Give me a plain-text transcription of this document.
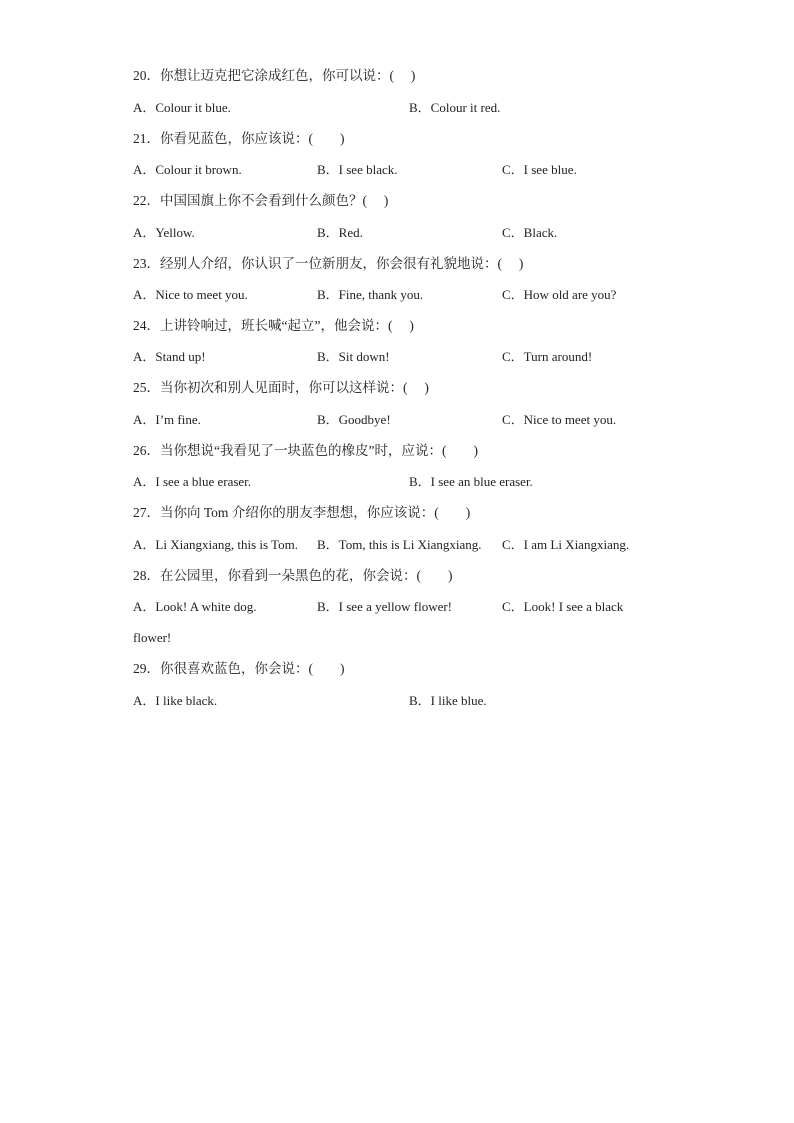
20．你想让迈克把它涂成红色，你可以说：(　 )
A．Colour it blue.	B．Colour it red.
21．你看见蓝色，你应该说：(　　)
A．Colour it brown.	B．I see black.	C．I see blue.
22．中国国旗上你不会看到什么颜色？(　 )
A．Yellow.	B．Red.	C．Black.
23．经别人介绍，你认识了一位新朋友，你会很有礼貌地说：(　 )
A．Nice to meet you.	B．Fine, thank you.	C．How old are you?
24．上讲铃响过，班长喊“起立”，他会说：(　 )
A．Stand up!	B．Sit down!	C．Turn around!
25．当你初次和别人见面时，你可以这样说：(　 )
A．I’m fine.	B．Goodbye!	C．Nice to meet you.
26．当你想说“我看见了一块蓝色的橡皮”时，应说：(　　)
A．I see a blue eraser.	B．I see an blue eraser.
27．当你向 Tom 介绍你的朋友李想想，你应该说：(　　)
A．Li Xiangxiang, this is Tom. B．Tom, this is Li Xiangxiang. C．I am Li Xiangxiang.
28．在公园里，你看到一朵黑色的花，你会说：(　　)
A．Look! A white dog.	B．I see a yellow flower!	C．Look! I see a black
flower!
29．你很喜欢蓝色，你会说：(　　)
A．I like black.	B．I like blue.
